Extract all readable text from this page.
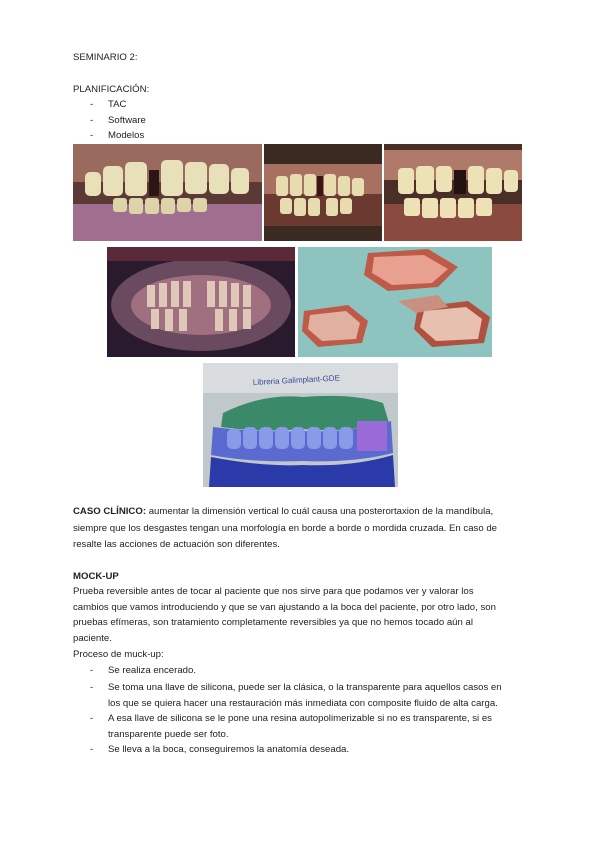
SEMINARIO 2:
PLANIFICACIÓN:
- TAC
- Software
- Modelos
Libreria Galimplant-GDE
CASO CLÍNICO: aumentar la dimensión vertical lo cuál causa una posterortaxion de la mandíbula,
siempre que los desgastes tengan una morfología en borde a borde o mordida cruzada. En caso de
resalte las acciones de actuación son diferentes.
MOCK-UP
Prueba reversible antes de tocar al paciente que nos sirve para que podamos ver y valorar los
cambios que vamos introduciendo y que se van ajustando a la boca del paciente, por otro lado, son
pruebas efímeras, son tratamiento completamente reversibles ya que no hemos tocado aún al
paciente.
Proceso de muck-up:
- Se realiza encerado.
- Se toma una llave de silicona, puede ser la clásica, o la transparente para aquellos casos en
los que se quiera hacer una restauración más inmediata con composite fluido de alta carga.
- A esa llave de silicona se le pone una resina autopolimerizable si no es transparente, si es
transparente puede ser foto.
- Se lleva a la boca, conseguiremos la anatomía deseada.
